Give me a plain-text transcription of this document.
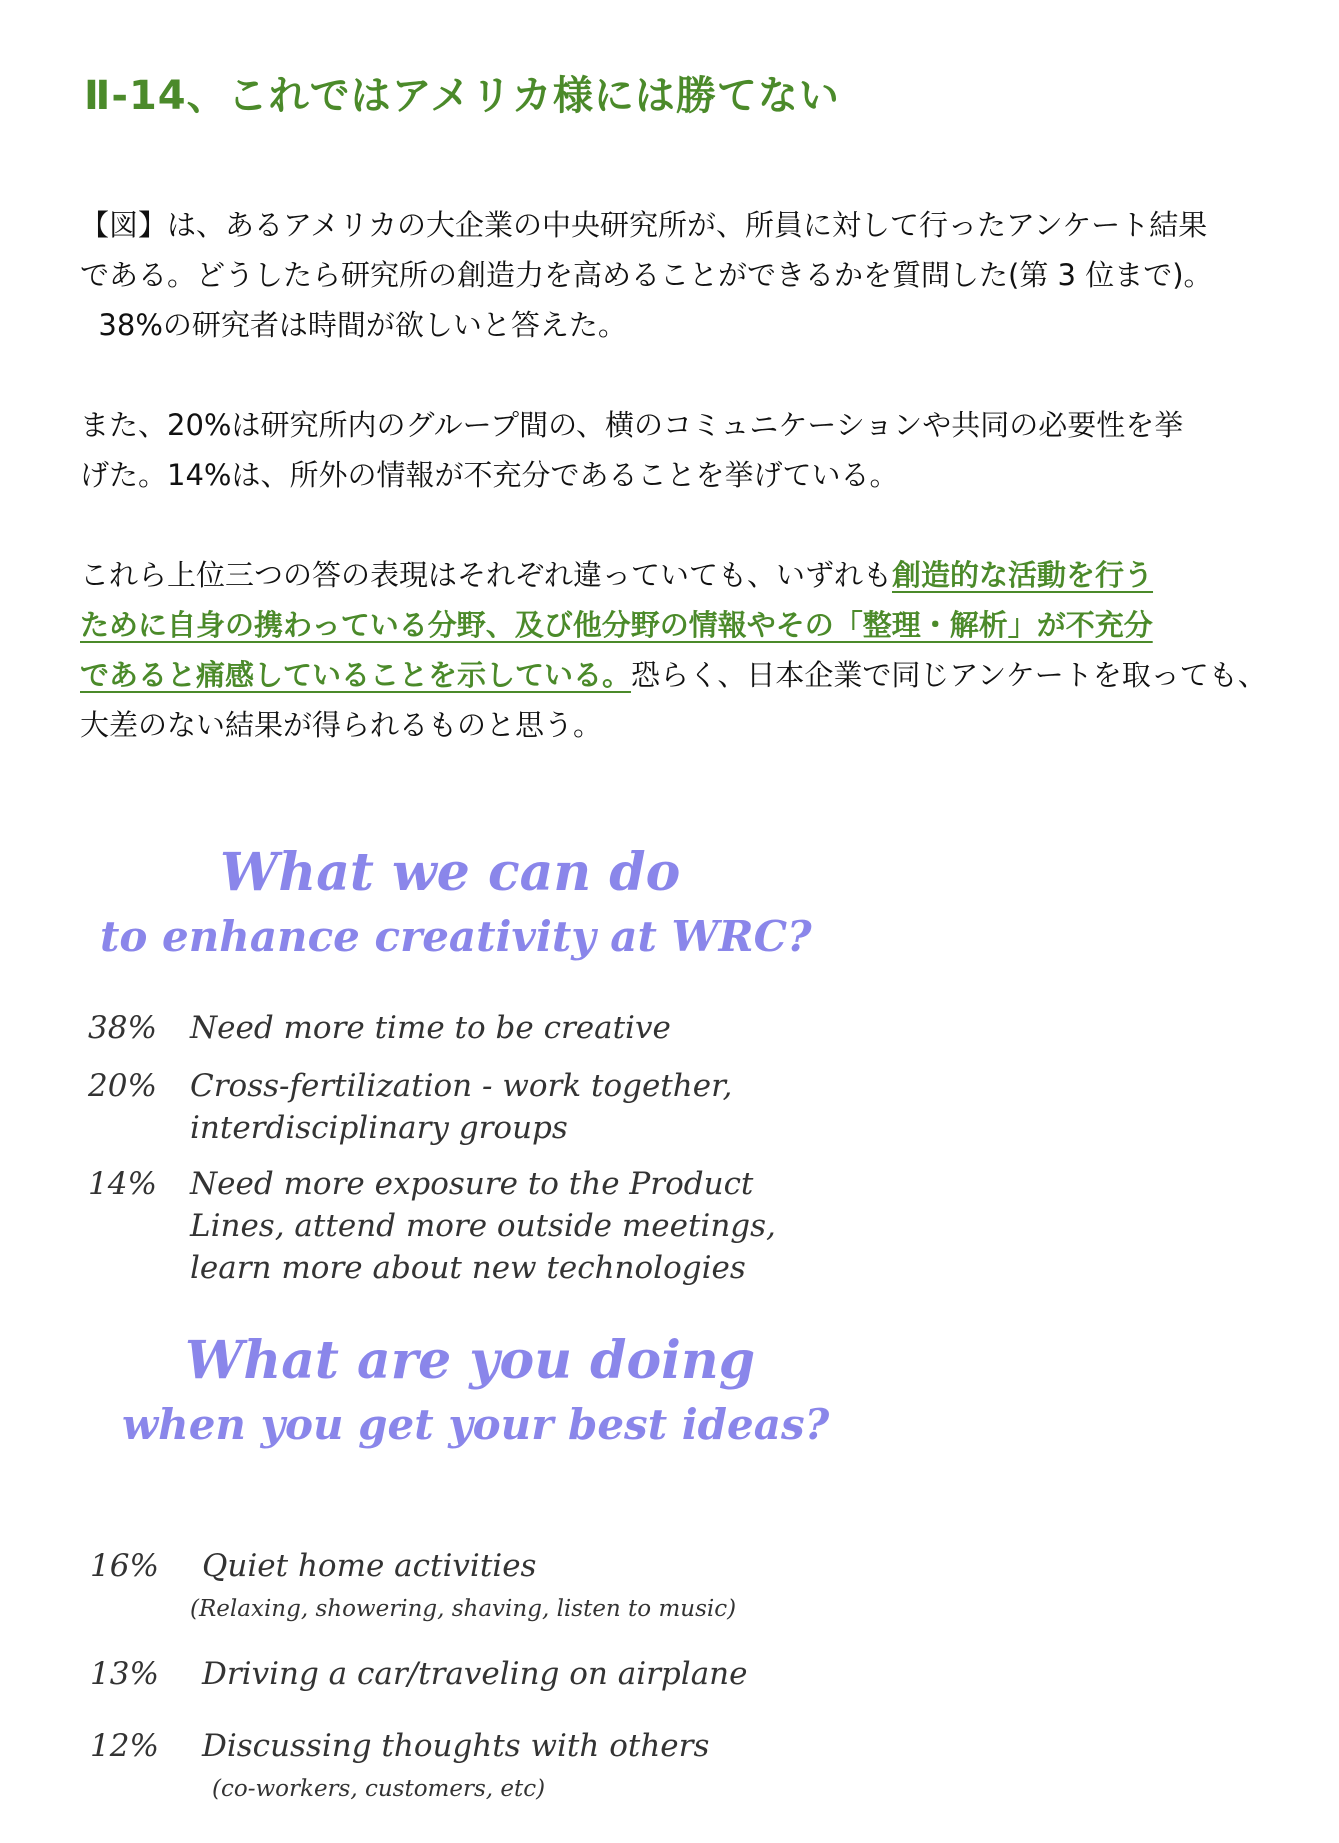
Ⅱ-14、これではアメリカ様には勝てない
【図】は、あるアメリカの大企業の中央研究所が、所員に対して行ったアンケート結果
である。どうしたら研究所の創造力を高めることができるかを質問した(第 3 位まで)。
38%の研究者は時間が欲しいと答えた。
また、20%は研究所内のグループ間の、横のコミュニケーションや共同の必要性を挙
げた。14%は、所外の情報が不充分であることを挙げている。
これら上位三つの答の表現はそれぞれ違っていても、いずれも創造的な活動を行う
ために自身の携わっている分野、及び他分野の情報やその「整理・解析」が不充分
であると痛感していることを示している。恐らく、日本企業で同じアンケートを取っても、
大差のない結果が得られるものと思う。
What we can do
to enhance creativity at WRC?
38% Need more time to be creative
20% Cross-fertilization - work together,
interdisciplinary groups
14% Need more exposure to the Product
Lines, attend more outside meetings,
learn more about new technologies
What are you doing
when you get your best ideas?
16% Quiet home activities
(Relaxing, showering, shaving, listen to music)
13% Driving a car/traveling on airplane
12% Discussing thoughts with others
(co-workers, customers, etc)
